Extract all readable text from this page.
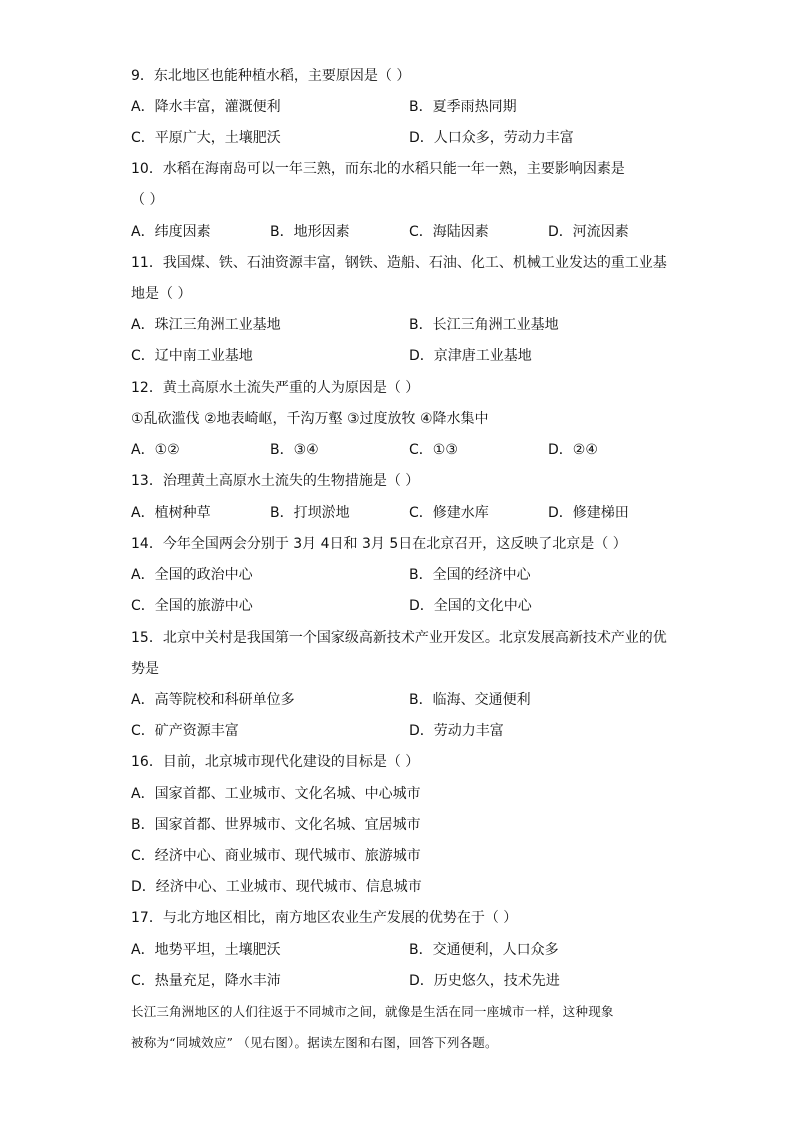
9．东北地区也能种植水稻，主要原因是（ ）
A．降水丰富，灌溉便利	B．夏季雨热同期
C．平原广大，土壤肥沃	D．人口众多，劳动力丰富
10．水稻在海南岛可以一年三熟，而东北的水稻只能一年一熟，主要影响因素是
（ ）
A．纬度因素	B．地形因素	C．海陆因素	D．河流因素
11．我国煤、铁、石油资源丰富，钢铁、造船、石油、化工、机械工业发达的重工业基
地是（ ）
A．珠江三角洲工业基地	B．长江三角洲工业基地
C．辽中南工业基地	D．京津唐工业基地
12．黄土高原水土流失严重的人为原因是（ ）
①乱砍滥伐 ②地表崎岖，千沟万壑 ③过度放牧 ④降水集中
A．①②	B．③④	C．①③	D．②④
13．治理黄土高原水土流失的生物措施是（ ）
A．植树种草	B．打坝淤地	C．修建水库	D．修建梯田
14．今年全国两会分别于 3月 4日和 3月 5日在北京召开，这反映了北京是（ ）
A．全国的政治中心	B．全国的经济中心
C．全国的旅游中心	D．全国的文化中心
15．北京中关村是我国第一个国家级高新技术产业开发区。北京发展高新技术产业的优
势是
A．高等院校和科研单位多	B．临海、交通便利
C．矿产资源丰富	D．劳动力丰富
16．目前，北京城市现代化建设的目标是（ ）
A．国家首都、工业城市、文化名城、中心城市
B．国家首都、世界城市、文化名城、宜居城市
C．经济中心、商业城市、现代城市、旅游城市
D．经济中心、工业城市、现代城市、信息城市
17．与北方地区相比，南方地区农业生产发展的优势在于（ ）
A．地势平坦，土壤肥沃	B．交通便利，人口众多
C．热量充足，降水丰沛	D．历史悠久，技术先进
长江三角洲地区的人们往返于不同城市之间，就像是生活在同一座城市一样，这种现象
被称为“同城效应” （见右图）。据读左图和右图，回答下列各题。
